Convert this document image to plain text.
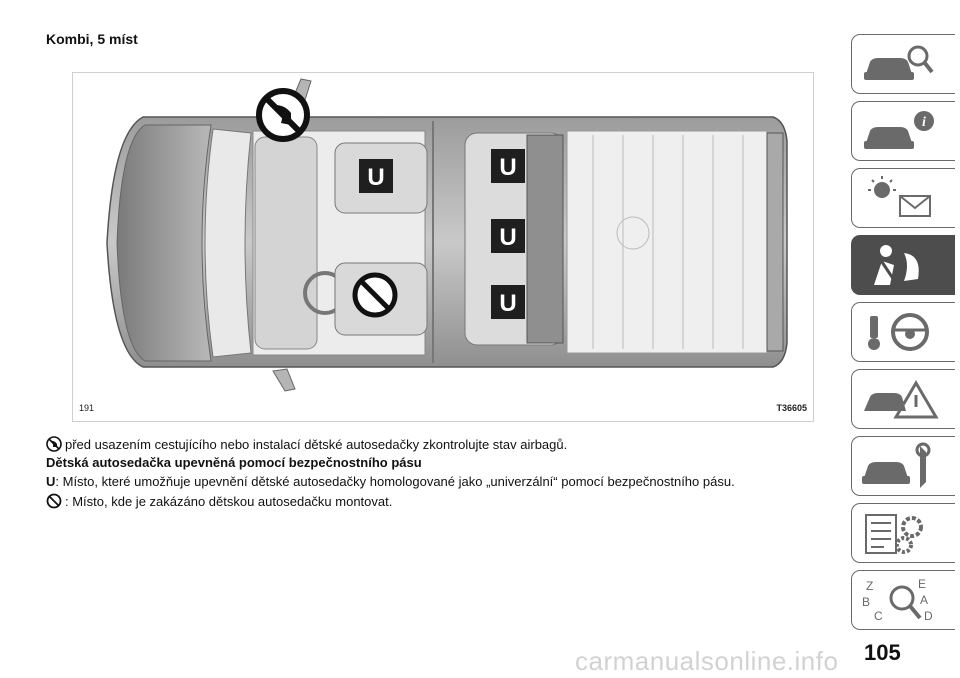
Kombi, 5 míst
U	U
U
U
191	T36605
před usazením cestujícího nebo instalací dětské autosedačky zkontrolujte stav airbagů.
Dětská autosedačka upevněná pomocí bezpečnostního pásu
U: Místo, které umožňuje upevnění dětské autosedačky homologované jako „univerzální“ pomocí bezpečnostního pásu.
: Místo, kde je zakázáno dětskou autosedačku montovat.
i
Z	E
B	A
C	D
carmanualsonline.info 105
